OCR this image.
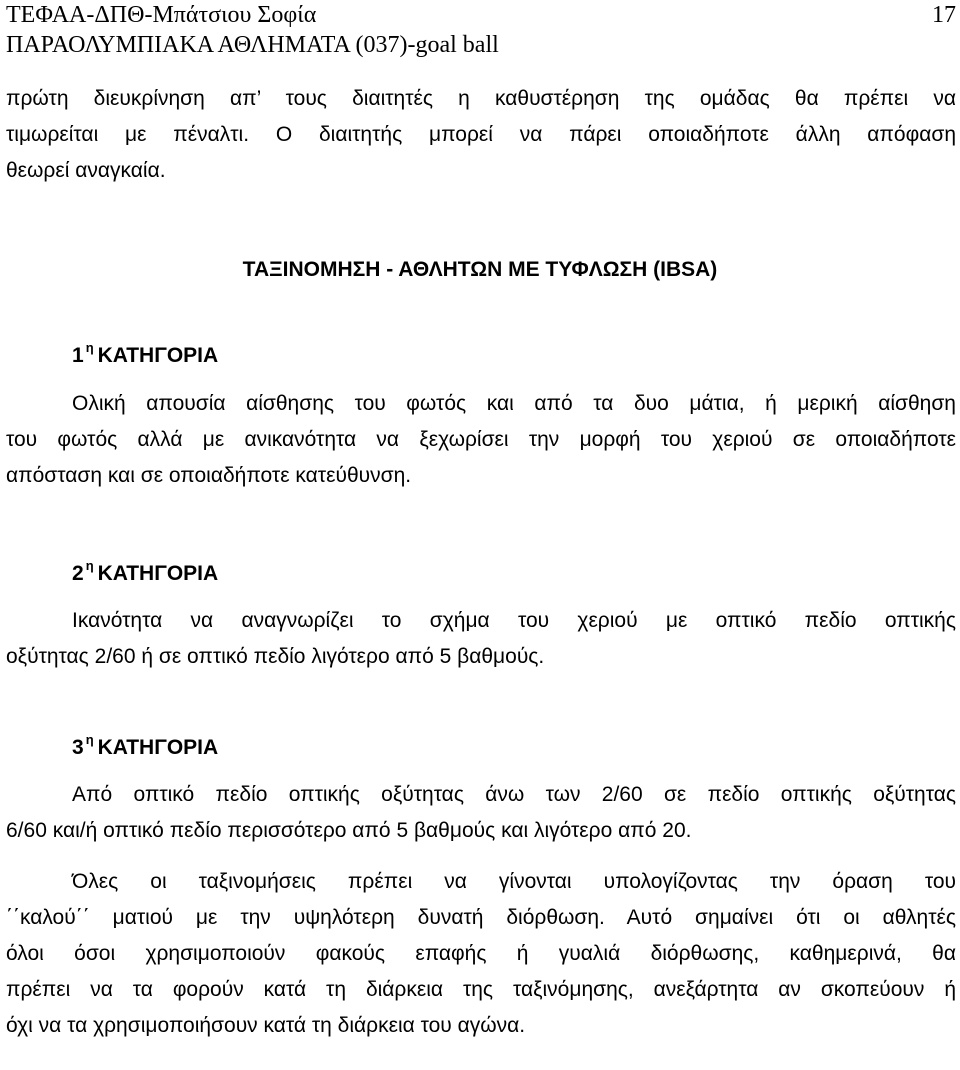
ΤΕΦΑΑ-ΔΠΘ-Μπάτσιου Σοφία	17
ΠΑΡΑΟΛΥΜΠΙΑΚΑ ΑΘΛΗΜΑΤΑ (037)-goal ball
πρώτη διευκρίνηση απ’ τους διαιτητές η καθυστέρηση της ομάδας θα πρέπει να
τιμωρείται με πέναλτι. Ο διαιτητής μπορεί να πάρει οποιαδήποτε άλλη απόφαση
θεωρεί αναγκαία.
ΤΑΞΙΝΟΜΗΣΗ - ΑΘΛΗΤΩΝ ΜΕ ΤΥΦΛΩΣΗ (IBSA)
1 $^\eta$ ΚΑΤΗΓΟΡΙΑ
Ολική απουσία αίσθησης του φωτός και από τα δυο μάτια, ή μερική αίσθηση
του φωτός αλλά με ανικανότητα να ξεχωρίσει την μορφή του χεριού σε οποιαδήποτε
απόσταση και σε οποιαδήποτε κατεύθυνση.
2 $^\eta$ ΚΑΤΗΓΟΡΙΑ
Ικανότητα να αναγνωρίζει το σχήμα του χεριού με οπτικό πεδίο οπτικής
οξύτητας 2/60 ή σε οπτικό πεδίο λιγότερο από 5 βαθμούς.
3 $^\eta$ ΚΑΤΗΓΟΡΙΑ
Από οπτικό πεδίο οπτικής οξύτητας άνω των 2/60 σε πεδίο οπτικής οξύτητας
6/60 και/ή οπτικό πεδίο περισσότερο από 5 βαθμούς και λιγότερο από 20.
Όλες οι ταξινομήσεις πρέπει να γίνονται υπολογίζοντας την όραση του
΄΄καλού΄΄ ματιού με την υψηλότερη δυνατή διόρθωση. Αυτό σημαίνει ότι οι αθλητές
όλοι όσοι χρησιμοποιούν φακούς επαφής ή γυαλιά διόρθωσης, καθημερινά, θα
πρέπει να τα φορούν κατά τη διάρκεια της ταξινόμησης, ανεξάρτητα αν σκοπεύουν ή
όχι να τα χρησιμοποιήσουν κατά τη διάρκεια του αγώνα.
